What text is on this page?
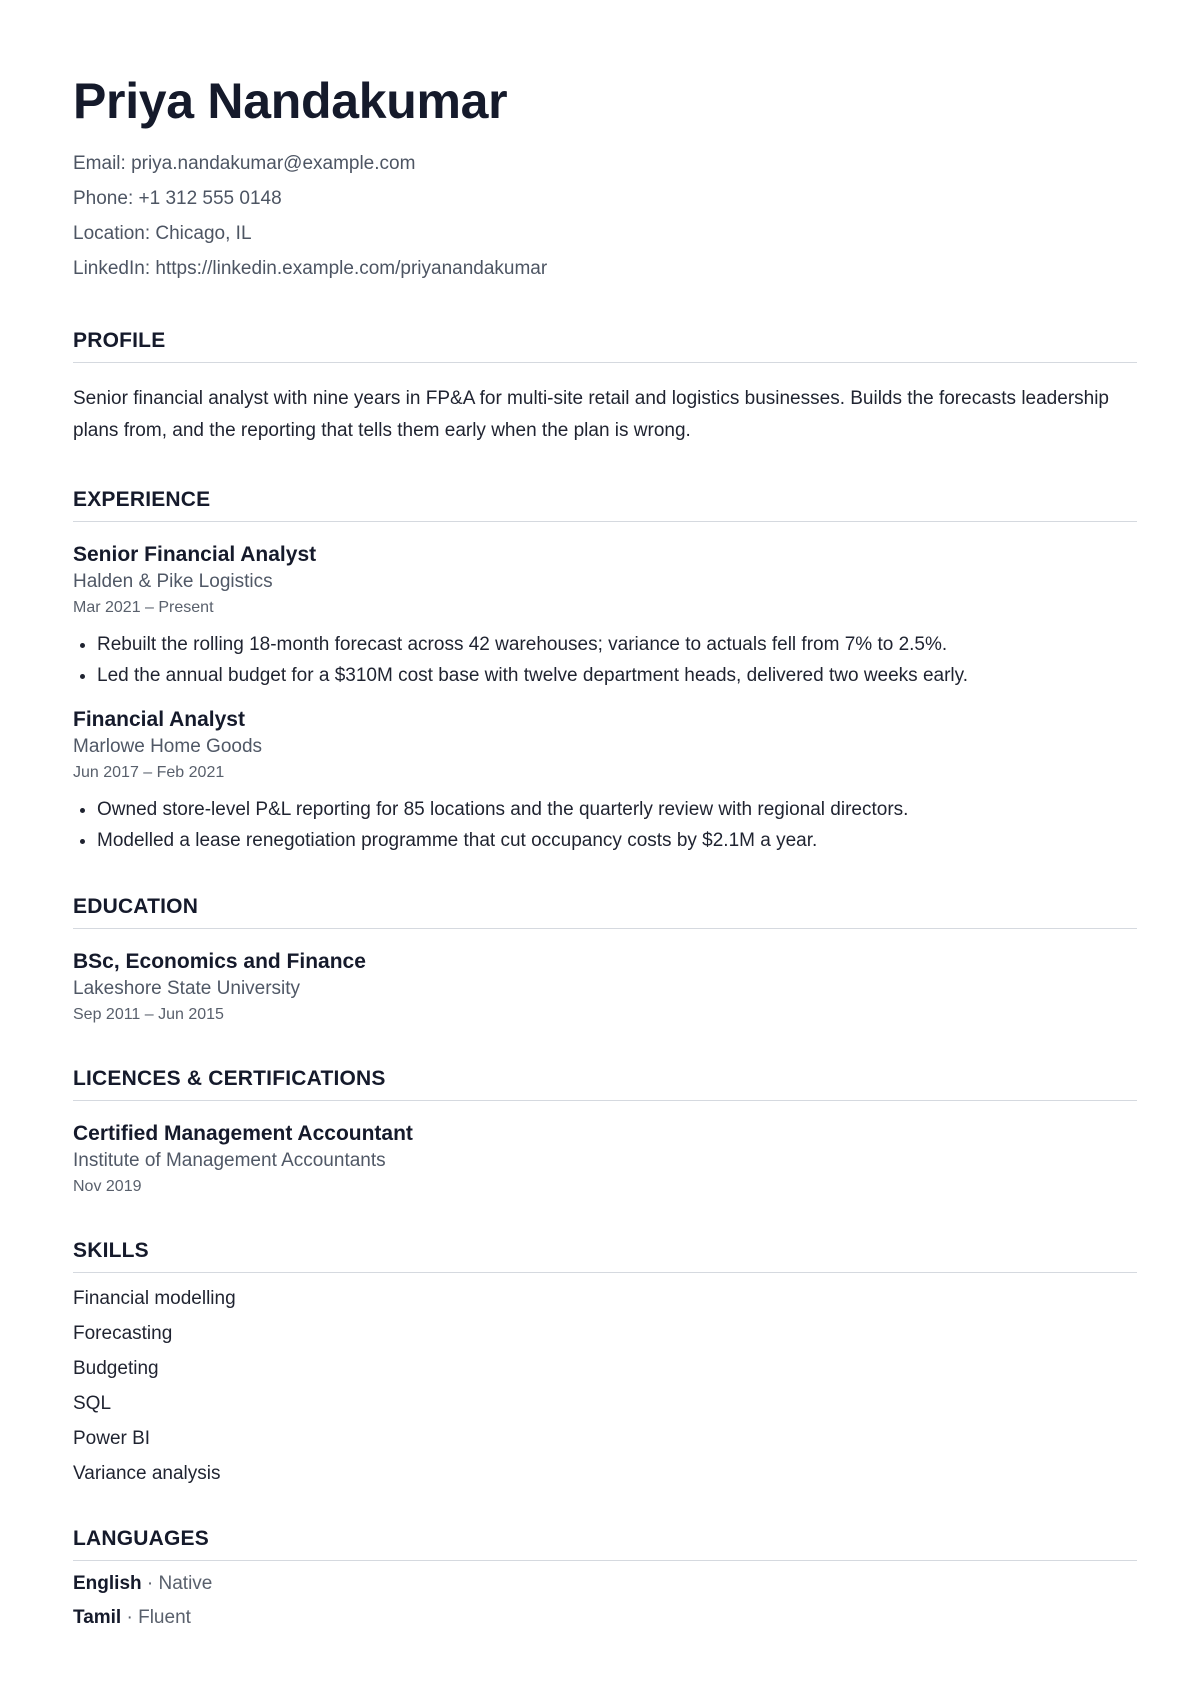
Priya Nandakumar
Email: priya.nandakumar@example.com
Phone: +1 312 555 0148
Location: Chicago, IL
LinkedIn: https://linkedin.example.com/priyanandakumar
PROFILE
Senior financial analyst with nine years in FP&A for multi-site retail and logistics businesses. Builds the forecasts leadership plans from, and the reporting that tells them early when the plan is wrong.
EXPERIENCE
Senior Financial Analyst
Halden & Pike Logistics
Mar 2021 – Present
• Rebuilt the rolling 18-month forecast across 42 warehouses; variance to actuals fell from 7% to 2.5%.
• Led the annual budget for a $310M cost base with twelve department heads, delivered two weeks early.
Financial Analyst
Marlowe Home Goods
Jun 2017 – Feb 2021
• Owned store-level P&L reporting for 85 locations and the quarterly review with regional directors.
• Modelled a lease renegotiation programme that cut occupancy costs by $2.1M a year.
EDUCATION
BSc, Economics and Finance
Lakeshore State University
Sep 2011 – Jun 2015
LICENCES & CERTIFICATIONS
Certified Management Accountant
Institute of Management Accountants
Nov 2019
SKILLS
Financial modelling
Forecasting
Budgeting
SQL
Power BI
Variance analysis
LANGUAGES
English · Native
Tamil · Fluent
